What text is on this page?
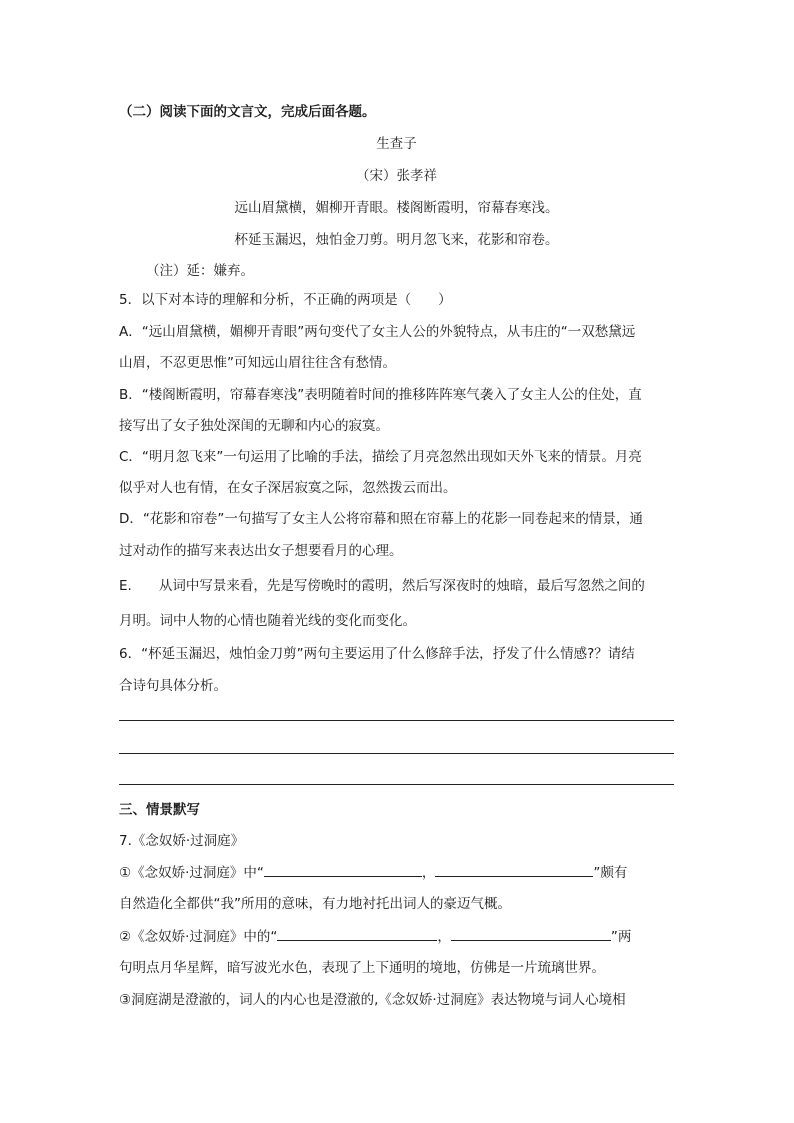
（二）阅读下面的文言文，完成后面各题。
生查子
（宋）张孝祥
远山眉黛横，媚柳开青眼。楼阁断霞明，帘幕春寒浅。
杯延玉漏迟，烛怕金刀剪。明月忽飞来，花影和帘卷。
（注）延：嫌弃。
5．以下对本诗的理解和分析，不正确的两项是（　　）
A．“远山眉黛横，媚柳开青眼”两句变代了女主人公的外貌特点，从韦庄的“一双愁黛远
山眉，不忍更思惟”可知远山眉往往含有愁情。
B．“楼阁断霞明，帘幕春寒浅”表明随着时间的推移阵阵寒气袭入了女主人公的住处，直
接写出了女子独处深闺的无聊和内心的寂寞。
C．“明月忽飞来”一句运用了比喻的手法，描绘了月亮忽然出现如天外飞来的情景。月亮
似乎对人也有情，在女子深居寂寞之际，忽然拨云而出。
D．“花影和帘卷”一句描写了女主人公将帘幕和照在帘幕上的花影一同卷起来的情景，通
过对动作的描写来表达出女子想要看月的心理。
E.　　从词中写景来看，先是写傍晚时的霞明，然后写深夜时的烛暗，最后写忽然之间的
月明。词中人物的心情也随着光线的变化而变化。
6．“杯延玉漏迟，烛怕金刀剪”两句主要运用了什么修辞手法，抒发了什么情感?？请结
合诗句具体分析。
三、情景默写
7.《念奴娇·过洞庭》
①《念奴娇·过洞庭》中“	，	”颇有
自然造化全都供“我”所用的意味，有力地衬托出词人的豪迈气概。
②《念奴娇·过洞庭》中的“	，	”两
句明点月华星辉，暗写波光水色，表现了上下通明的境地，仿佛是一片琉璃世界。
③洞庭湖是澄澈的，词人的内心也是澄澈的,《念奴娇·过洞庭》表达物境与词人心境相
